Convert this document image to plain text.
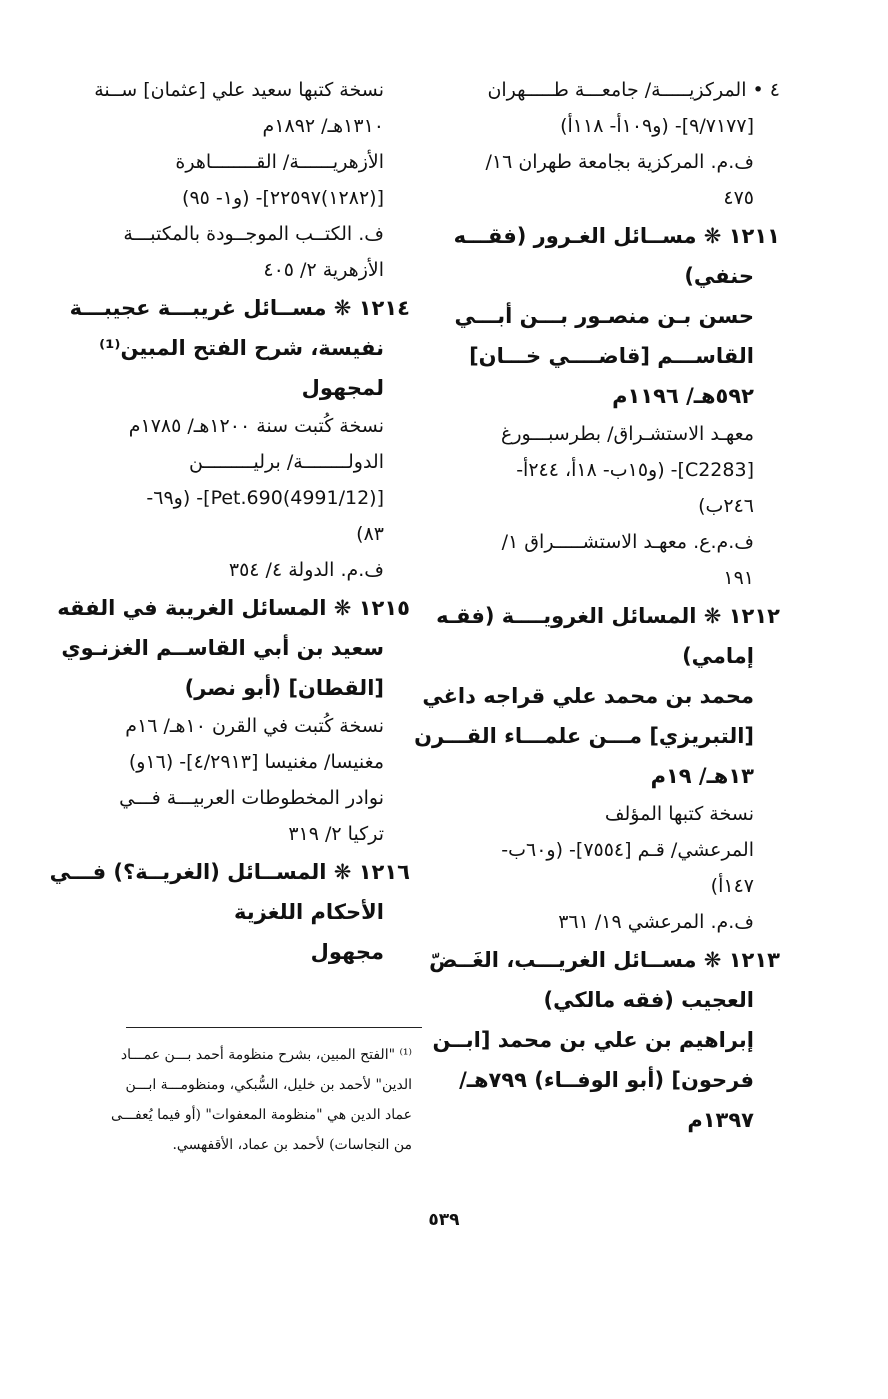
٤ • المركزيـــــة/ جامعـــة طـــــهران
[٩/٧١٧٧]- (و١٠٩أ- ١١٨أ)
ف.م. المركزية بجامعة طهران ١٦/
٤٧٥
١٢١١ ❋ مســائل الغـرور (فقـــه
حنفي)
حسن بـن منصـور بـــن أبـــي
القاســـم [قاضــــي خـــان]
٥٩٢هـ/ ١١٩٦م
معهـد الاستشـراق/ بطرسبـــورغ
[C2283]- (و١٥ب- ١٨أ، ٢٤٤أ-
٢٤٦ب)
ف.م.ع. معهـد الاستشـــــراق ١/
١٩١
١٢١٢ ❋ المسائل الغرويــــة (فقـه
إمامي)
محمد بن محمد علي قراجه داغي
[التبريزي] مـــن علمـــاء القـــرن
١٣هـ/ ١٩م
نسخة كتبها المؤلف
المرعشي/ قـم [٧٥٥٤]- (و٦٠ب-
١٤٧أ)
ف.م. المرعشي ١٩/ ٣٦١
١٢١٣ ❋ مســائل الغريـــب، الغَــضّ
العجيب (فقه مالكي)
إبراهيم بن علي بن محمد [ابــن
فرحون] (أبو الوفــاء) ٧٩٩هـ/
١٣٩٧م
نسخة كتبها سعيد علي [عثمان] ســنة
١٣١٠هـ/ ١٨٩٢م
الأزهريــــــة/ القــــــــاهرة
[(١٢٨٢)٢٢٥٩٧]- (و١- ٩٥)
ف. الكتــب الموجــودة بالمكتبـــة
الأزهرية ٢/ ٤٠٥
١٢١٤ ❋ مســائل غريبـــة عجيبـــة
نفيسة، شرح الفتح المبين⁽¹⁾
لمجهول
نسخة كُتبت سنة ١٢٠٠هـ/ ١٧٨٥م
الدولــــــــة/ برليـــــــــن
[(4991/12)Pet.690]- (و٦٩-
٨٣)
ف.م. الدولة ٤/ ٣٥٤
١٢١٥ ❋ المسائل الغريبة في الفقه
سعيد بن أبي القاســم الغزنـوي
[القطان] (أبو نصر)
نسخة كُتبت في القرن ١٠هـ/ ١٦م
مغنيسا/ مغنيسا [٤/٢٩١٣]- (١٦و)
نوادر المخطوطات العربيـــة فـــي
تركيا ٢/ ٣١٩
١٢١٦ ❋ المســائل (الغريــة؟) فـــي
الأحكام اللغزية
مجهول
⁽¹⁾ "الفتح المبين، بشرح منظومة أحمد بـــن عمـــاد
الدين" لأحمد بن خليل، السُّبكي، ومنظومـــة ابـــن
عماد الدين هي "منظومة المعفوات" (أو فيما يُعفـــى
من النجاسات) لأحمد بن عماد، الأقفهسي.
٥٣٩
